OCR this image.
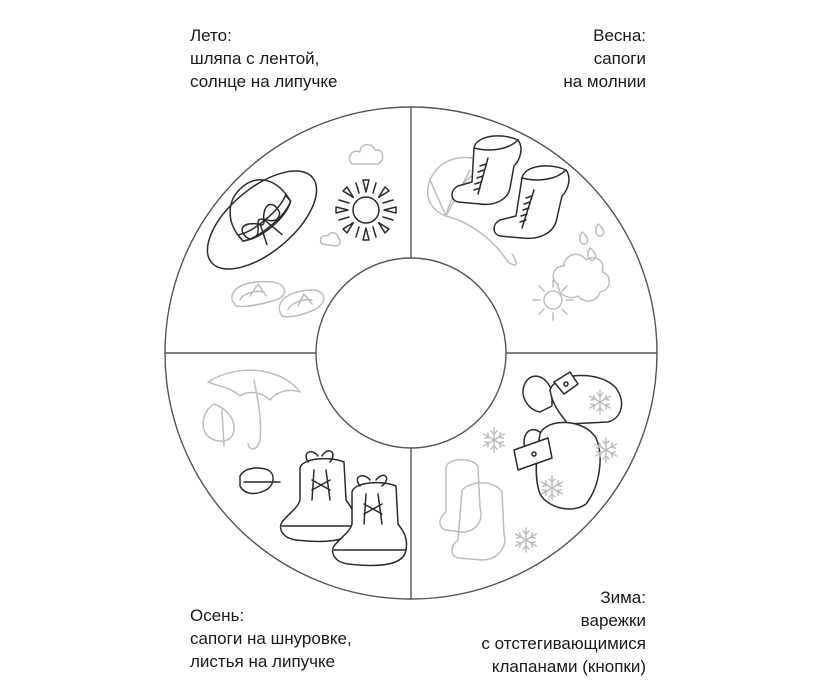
Лето:
шляпа с лентой,
солнце на липучке
Весна:
сапоги
на молнии
Осень:
сапоги на шнуровке,
листья на липучке
Зима:
варежки
с отстегивающимися
клапанами (кнопки)
